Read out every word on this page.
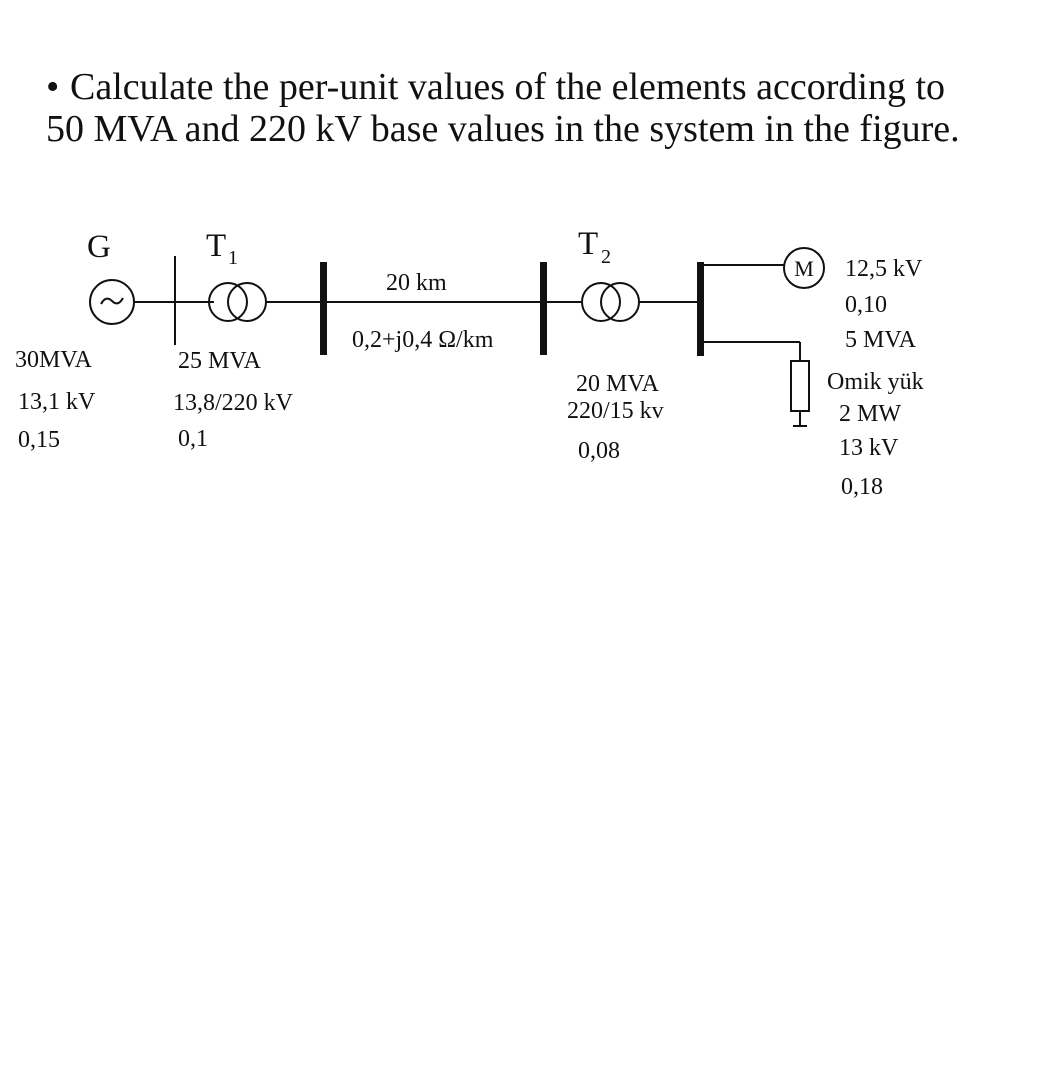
• Calculate the per-unit values of the elements according to
50 MVA and 220 kV base values in the system in the figure.
G	T 1	T 2	M
30MVA
13,1 kV
0,15
25 MVA
13,8/220 kV
0,1
20 km
0,2+j0,4 Ω/km
20 MVA
220/15 kv
0,08
12,5 kV
0,10
5 MVA
Omik yük
2 MW
13 kV
0,18
